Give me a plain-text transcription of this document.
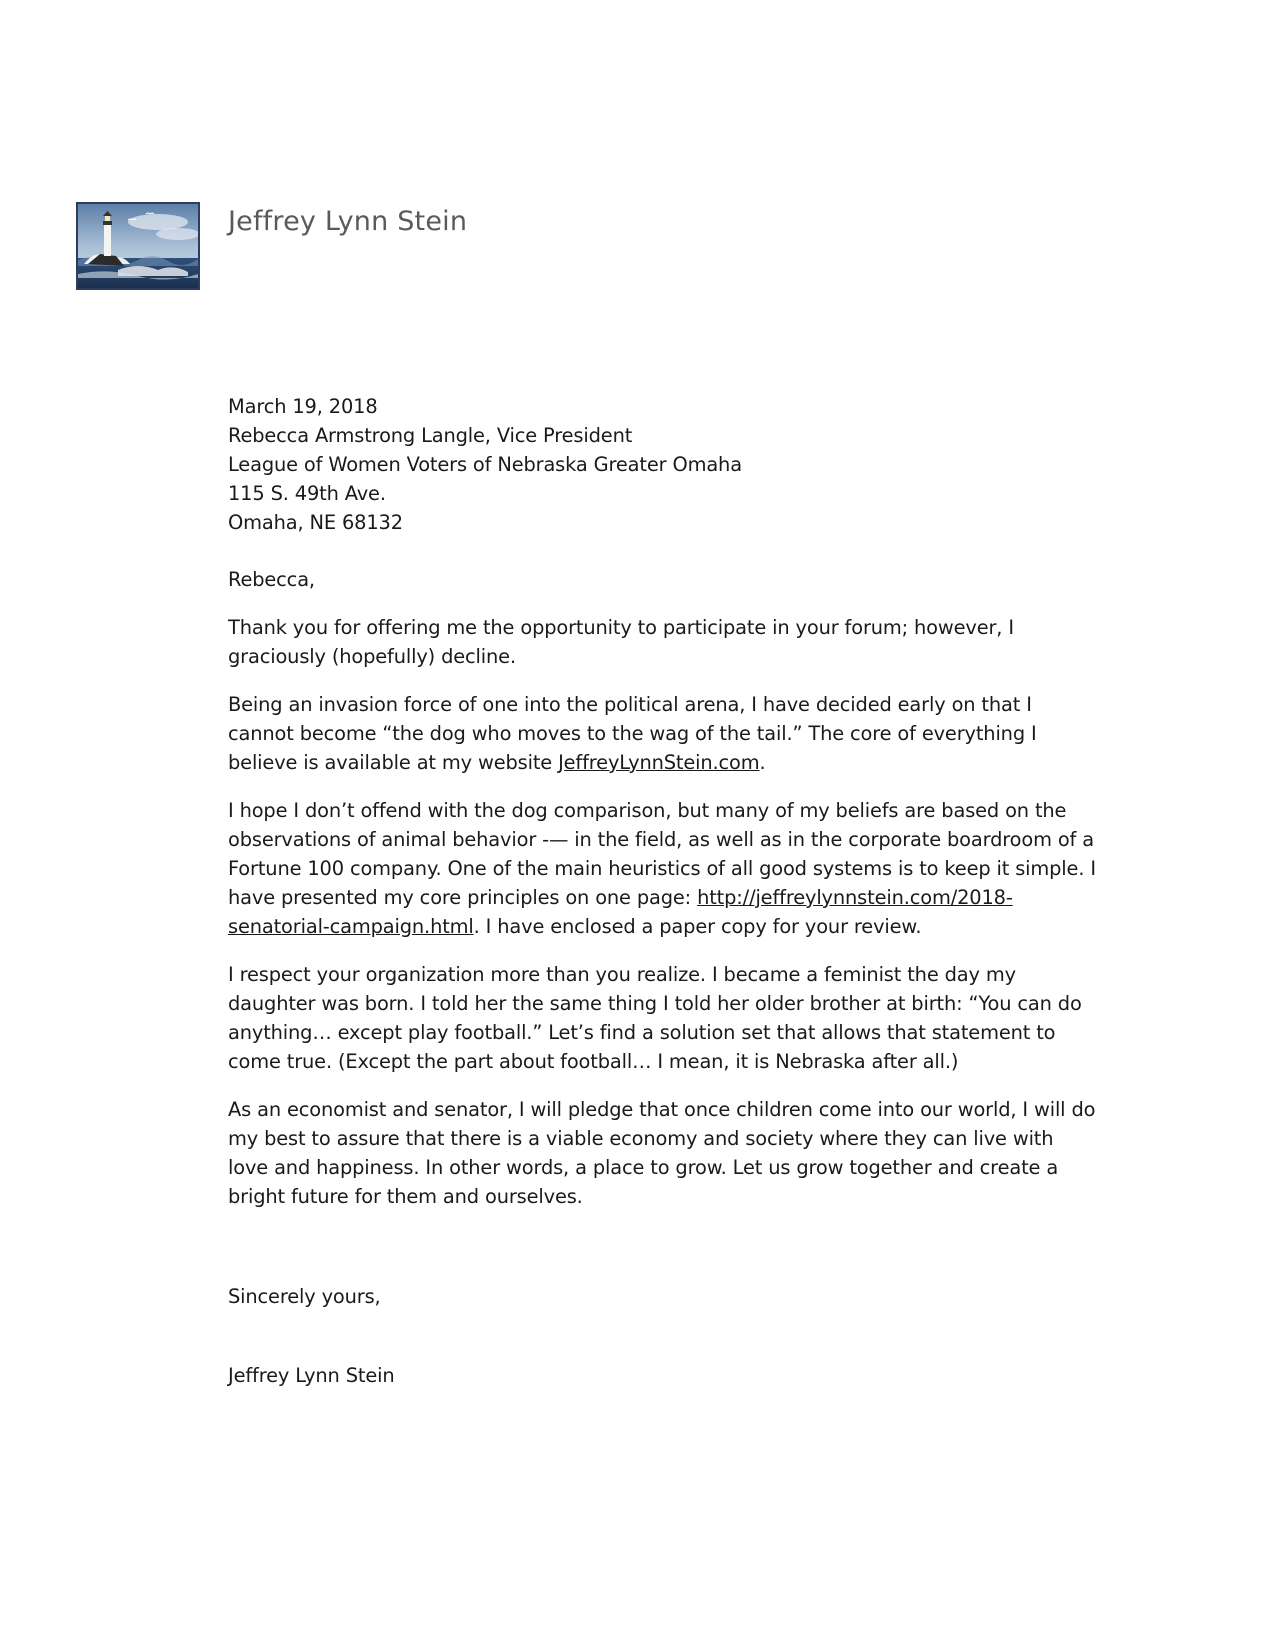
Jeffrey Lynn Stein

March 19, 2018

Rebecca Armstrong Langle, Vice President

League of Women Voters of Nebraska Greater Omaha

115 S. 49th Ave.

Omaha, NE 68132

Rebecca,

Thank you for offering me the opportunity to participate in your forum; however, I graciously (hopefully) decline.

Being an invasion force of one into the political arena, I have decided early on that I cannot become “the dog who moves to the wag of the tail.” The core of everything I believe is available at my website JeffreyLynnStein.com.

I hope I don’t offend with the dog comparison, but many of my beliefs are based on the observations of animal behavior -— in the field, as well as in the corporate boardroom of a Fortune 100 company. One of the main heuristics of all good systems is to keep it simple. I have presented my core principles on one page: http://jeffreylynnstein.com/2018-senatorial-campaign.html. I have enclosed a paper copy for your review.

I respect your organization more than you realize. I became a feminist the day my daughter was born. I told her the same thing I told her older brother at birth: “You can do anything… except play football.” Let’s find a solution set that allows that statement to come true. (Except the part about football… I mean, it is Nebraska after all.)

As an economist and senator, I will pledge that once children come into our world, I will do my best to assure that there is a viable economy and society where they can live with love and happiness. In other words, a place to grow. Let us grow together and create a bright future for them and ourselves.

Sincerely yours,

Jeffrey Lynn Stein
